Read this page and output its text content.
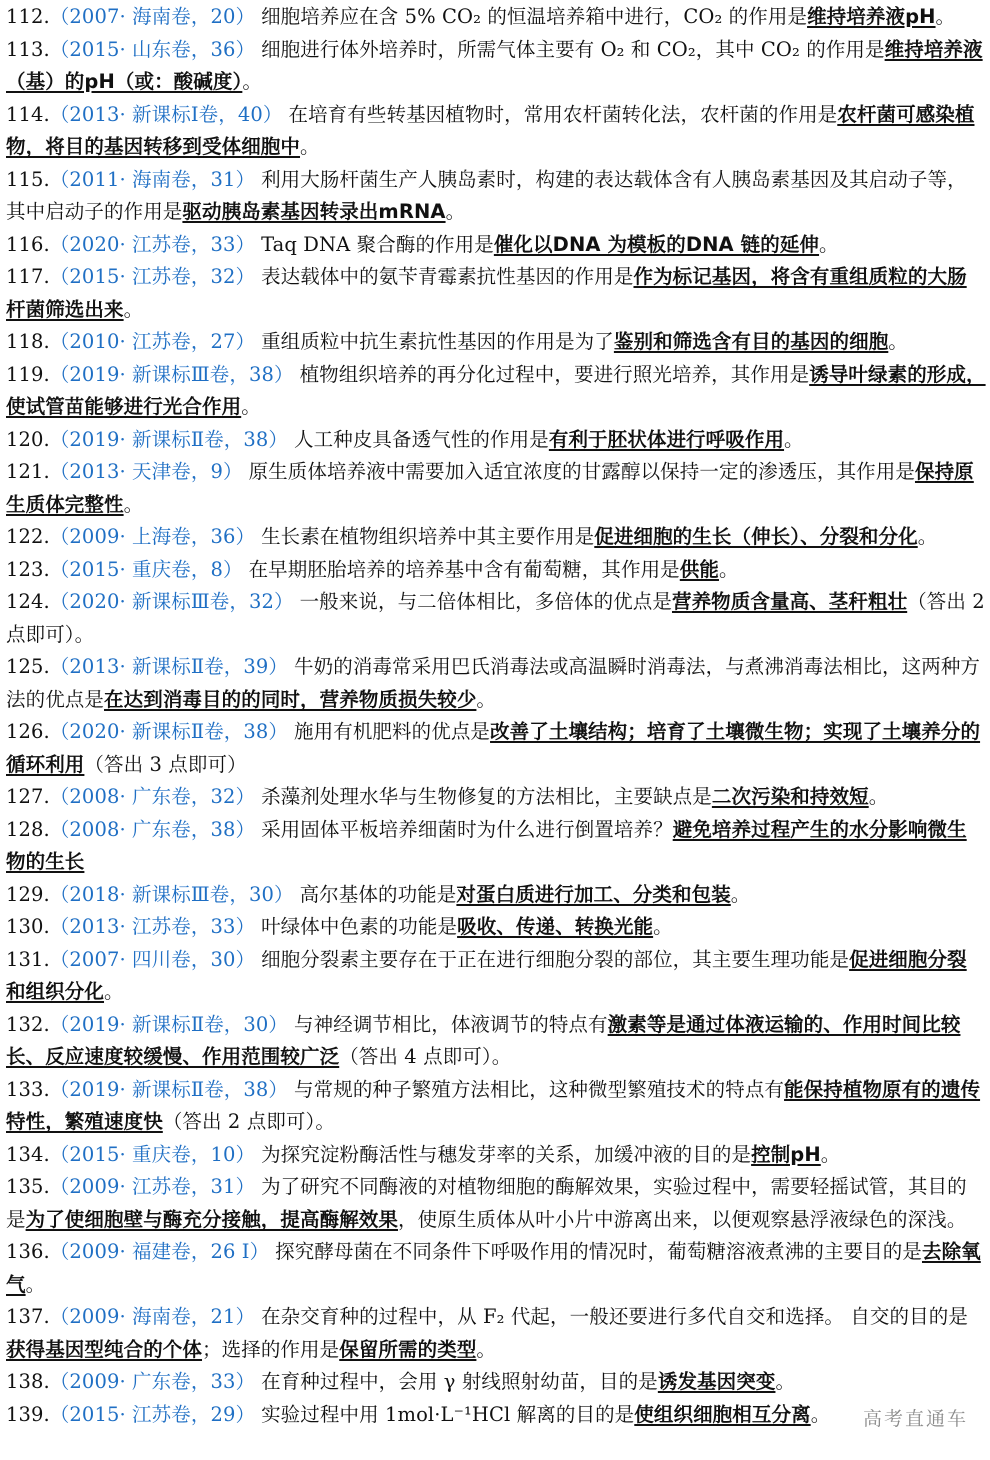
112.（2007· 海南卷，20） 细胞培养应在含 5% CO₂ 的恒温培养箱中进行，CO₂ 的作用是维持培养液pH。
113.（2015· 山东卷，36） 细胞进行体外培养时，所需气体主要有 O₂ 和 CO₂，其中 CO₂ 的作用是维持培养液（基）的pH（或：酸碱度）。
114.（2013· 新课标Ⅰ卷，40） 在培育有些转基因植物时，常用农杆菌转化法，农杆菌的作用是农杆菌可感染植物，将目的基因转移到受体细胞中。
115.（2011· 海南卷，31） 利用大肠杆菌生产人胰岛素时，构建的表达载体含有人胰岛素基因及其启动子等，其中启动子的作用是驱动胰岛素基因转录出mRNA。
116.（2020· 江苏卷，33） Taq DNA 聚合酶的作用是催化以DNA 为模板的DNA 链的延伸。
117.（2015· 江苏卷，32） 表达载体中的氨苄青霉素抗性基因的作用是作为标记基因，将含有重组质粒的大肠杆菌筛选出来。
118.（2010· 江苏卷，27） 重组质粒中抗生素抗性基因的作用是为了鉴别和筛选含有目的基因的细胞。
119.（2019· 新课标Ⅲ卷，38） 植物组织培养的再分化过程中，要进行照光培养，其作用是诱导叶绿素的形成，使试管苗能够进行光合作用。
120.（2019· 新课标Ⅱ卷，38） 人工种皮具备透气性的作用是有利于胚状体进行呼吸作用。
121.（2013· 天津卷，9） 原生质体培养液中需要加入适宜浓度的甘露醇以保持一定的渗透压，其作用是保持原生质体完整性。
122.（2009· 上海卷，36） 生长素在植物组织培养中其主要作用是促进细胞的生长（伸长）、分裂和分化。
123.（2015· 重庆卷，8） 在早期胚胎培养的培养基中含有葡萄糖，其作用是供能。
124.（2020· 新课标Ⅲ卷，32） 一般来说，与二倍体相比，多倍体的优点是营养物质含量高、茎秆粗壮（答出 2 点即可）。
125.（2013· 新课标Ⅱ卷，39） 牛奶的消毒常采用巴氏消毒法或高温瞬时消毒法，与煮沸消毒法相比，这两种方法的优点是在达到消毒目的的同时，营养物质损失较少。
126.（2020· 新课标Ⅱ卷，38） 施用有机肥料的优点是改善了土壤结构；培育了土壤微生物；实现了土壤养分的循环利用（答出 3 点即可）
127.（2008· 广东卷，32） 杀藻剂处理水华与生物修复的方法相比，主要缺点是二次污染和持效短。
128.（2008· 广东卷，38） 采用固体平板培养细菌时为什么进行倒置培养？避免培养过程产生的水分影响微生物的生长
129.（2018· 新课标Ⅲ卷，30） 高尔基体的功能是对蛋白质进行加工、分类和包装。
130.（2013· 江苏卷，33） 叶绿体中色素的功能是吸收、传递、转换光能。
131.（2007· 四川卷，30） 细胞分裂素主要存在于正在进行细胞分裂的部位，其主要生理功能是促进细胞分裂和组织分化。
132.（2019· 新课标Ⅱ卷，30） 与神经调节相比，体液调节的特点有激素等是通过体液运输的、作用时间比较长、反应速度较缓慢、作用范围较广泛（答出 4 点即可）。
133.（2019· 新课标Ⅱ卷，38） 与常规的种子繁殖方法相比，这种微型繁殖技术的特点有能保持植物原有的遗传特性，繁殖速度快（答出 2 点即可）。
134.（2015· 重庆卷，10） 为探究淀粉酶活性与穗发芽率的关系，加缓冲液的目的是控制pH。
135.（2009· 江苏卷，31） 为了研究不同酶液的对植物细胞的酶解效果，实验过程中，需要轻摇试管，其目的是为了使细胞壁与酶充分接触，提高酶解效果，使原生质体从叶小片中游离出来，以便观察悬浮液绿色的深浅。
136.（2009· 福建卷，26 Ⅰ） 探究酵母菌在不同条件下呼吸作用的情况时，葡萄糖溶液煮沸的主要目的是去除氧气。
137.（2009· 海南卷，21） 在杂交育种的过程中，从 F₂ 代起，一般还要进行多代自交和选择。 自交的目的是获得基因型纯合的个体；选择的作用是保留所需的类型。
138.（2009· 广东卷，33） 在育种过程中，会用 γ 射线照射幼苗，目的是诱发基因突变。
139.（2015· 江苏卷，29） 实验过程中用 1mol·L⁻¹HCl 解离的目的是使组织细胞相互分离。	高考直通车
